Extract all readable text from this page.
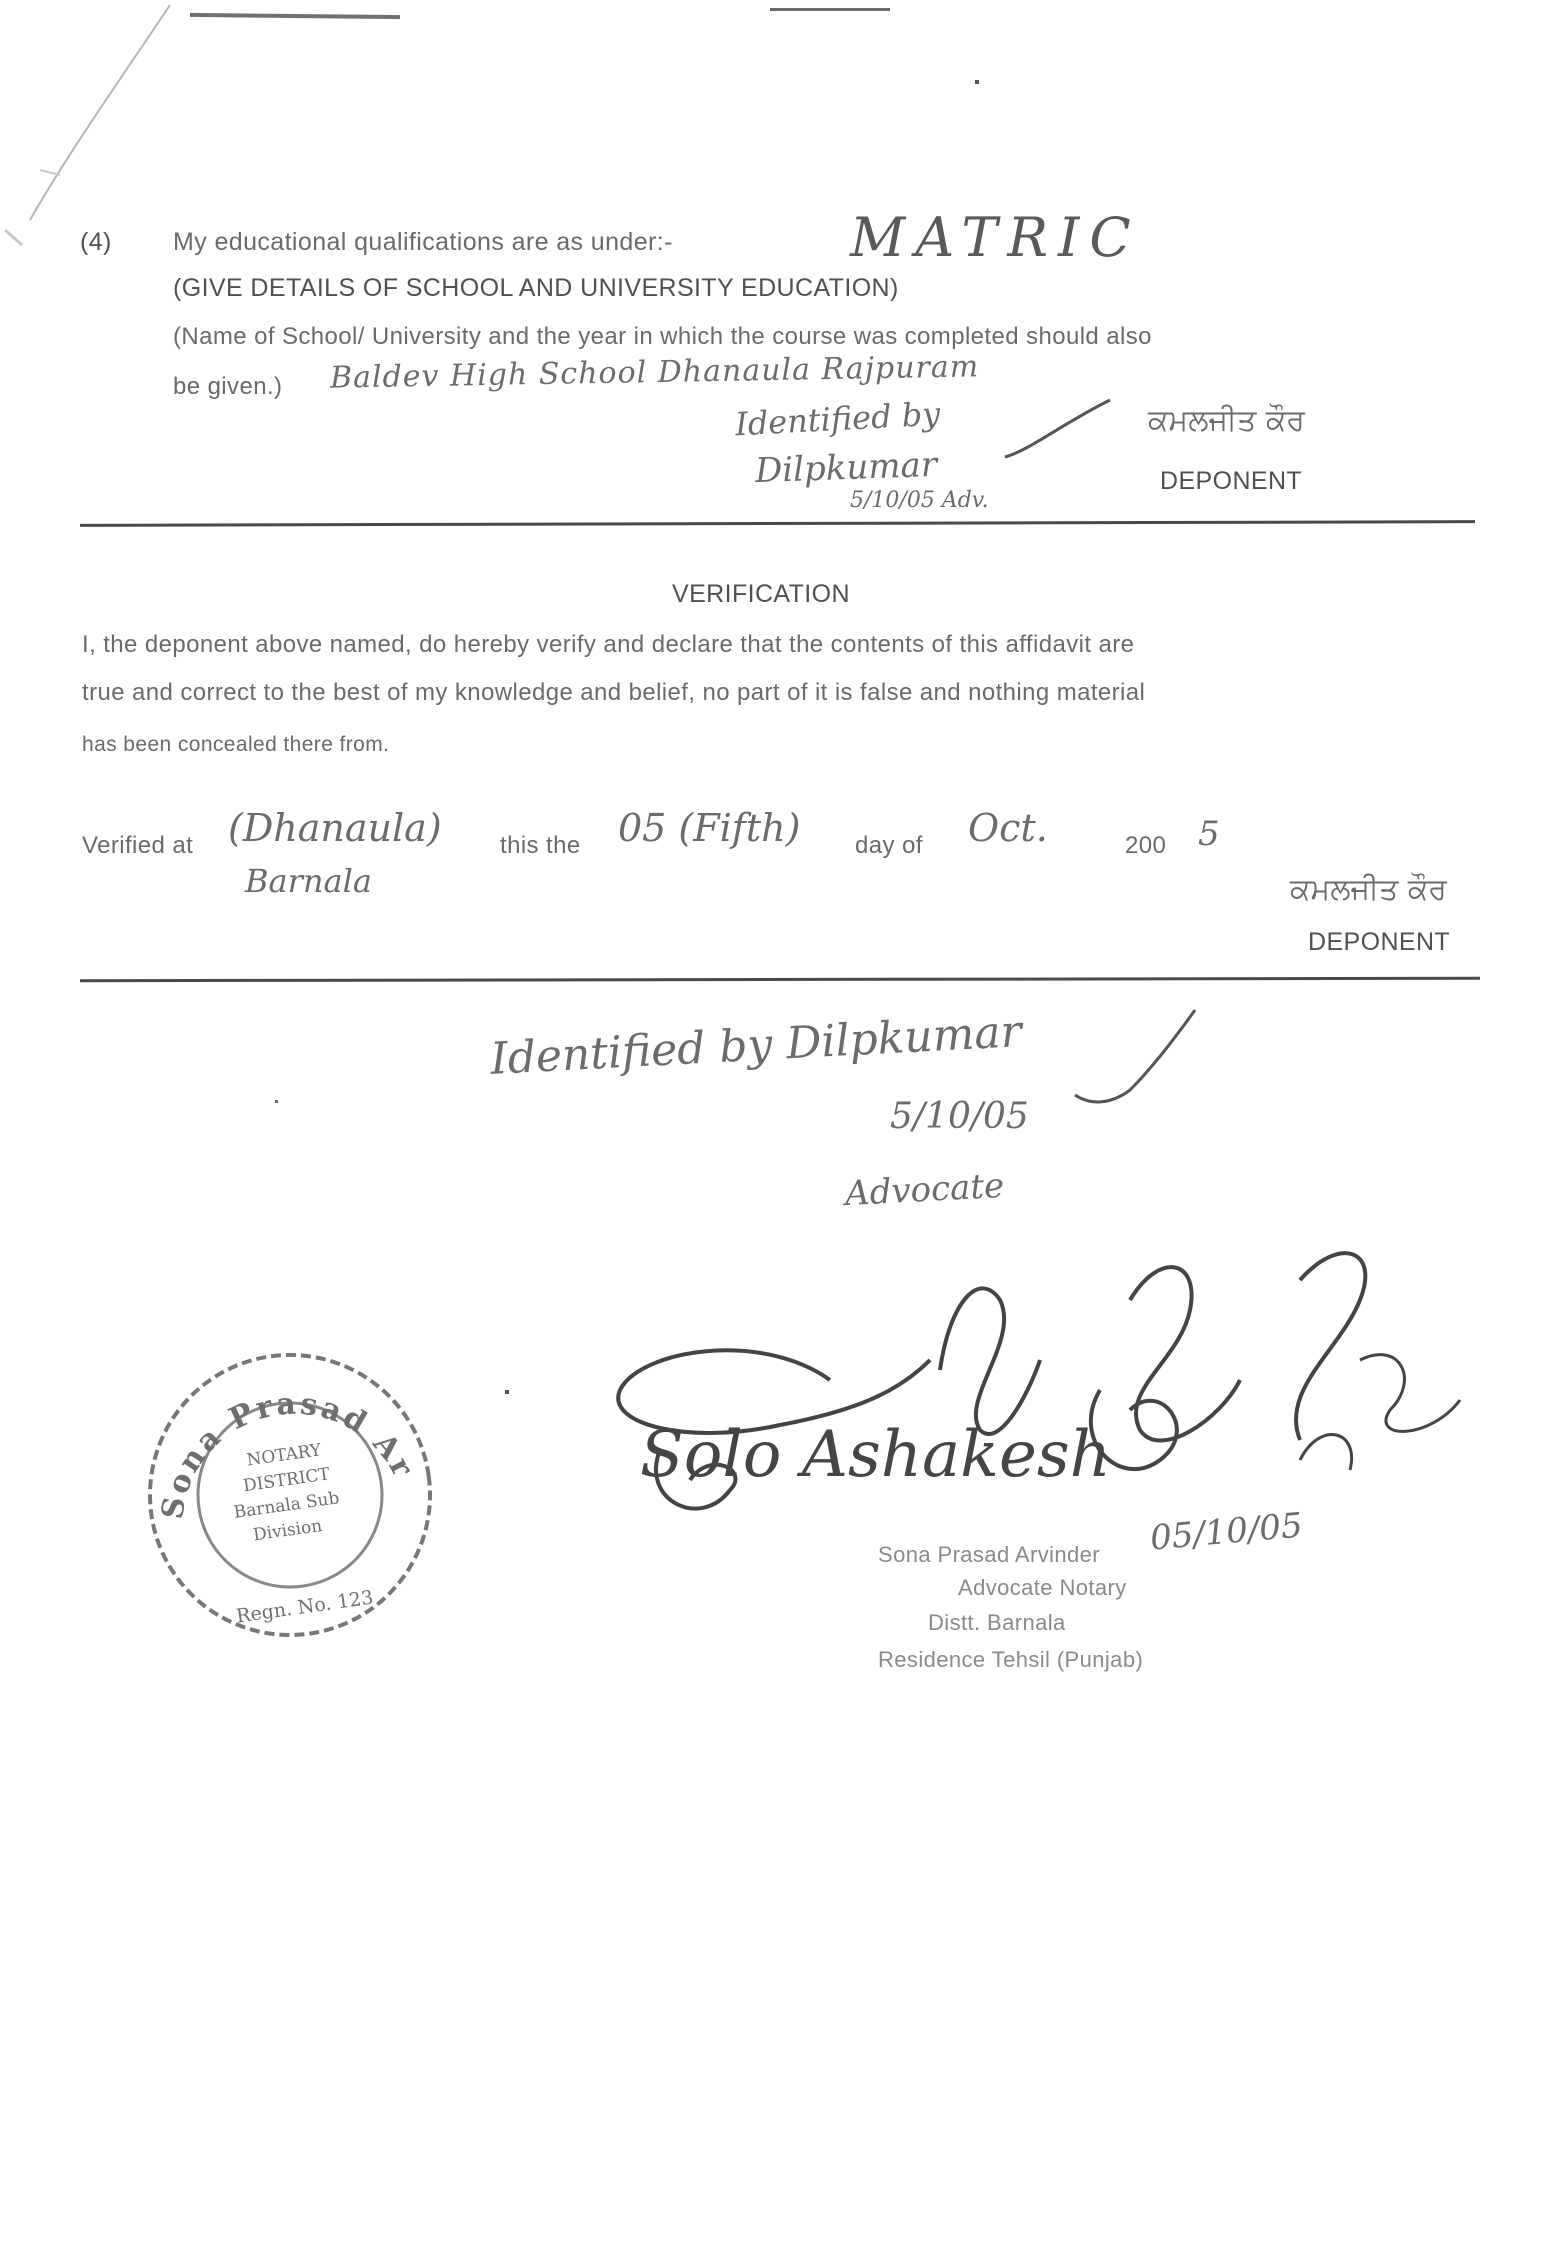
(4) My educational qualifications are as under:-	MATRIC
(GIVE DETAILS OF SCHOOL AND UNIVERSITY EDUCATION)
(Name of School/ University and the year in which the course was completed should also
be given.) Baldev High School Dhanaula Rajpuram
Identified by
Dilpkumar
5/10/05 Adv.
ਕਮਲਜੀਤ ਕੌਰ
DEPONENT
VERIFICATION
I, the deponent above named, do hereby verify and declare that the contents of this affidavit are
true and correct to the best of my knowledge and belief, no part of it is false and nothing material
has been concealed there from.
Verified at (Dhanaula)
Barnala
this the 05 (Fifth) day of Oct.	200 5
ਕਮਲਜੀਤ ਕੌਰ
DEPONENT
Identified by Dilpkumar
5/10/05
Advocate
Solo Ashakesh
05/10/05
Sona Prasad Arvinder
Advocate Notary
Distt. Barnala
Residence Tehsil (Punjab)
Sona Prasad Arvinder
NOTARY
DISTRICT
Barnala Sub
Division
Regn. No. 123
